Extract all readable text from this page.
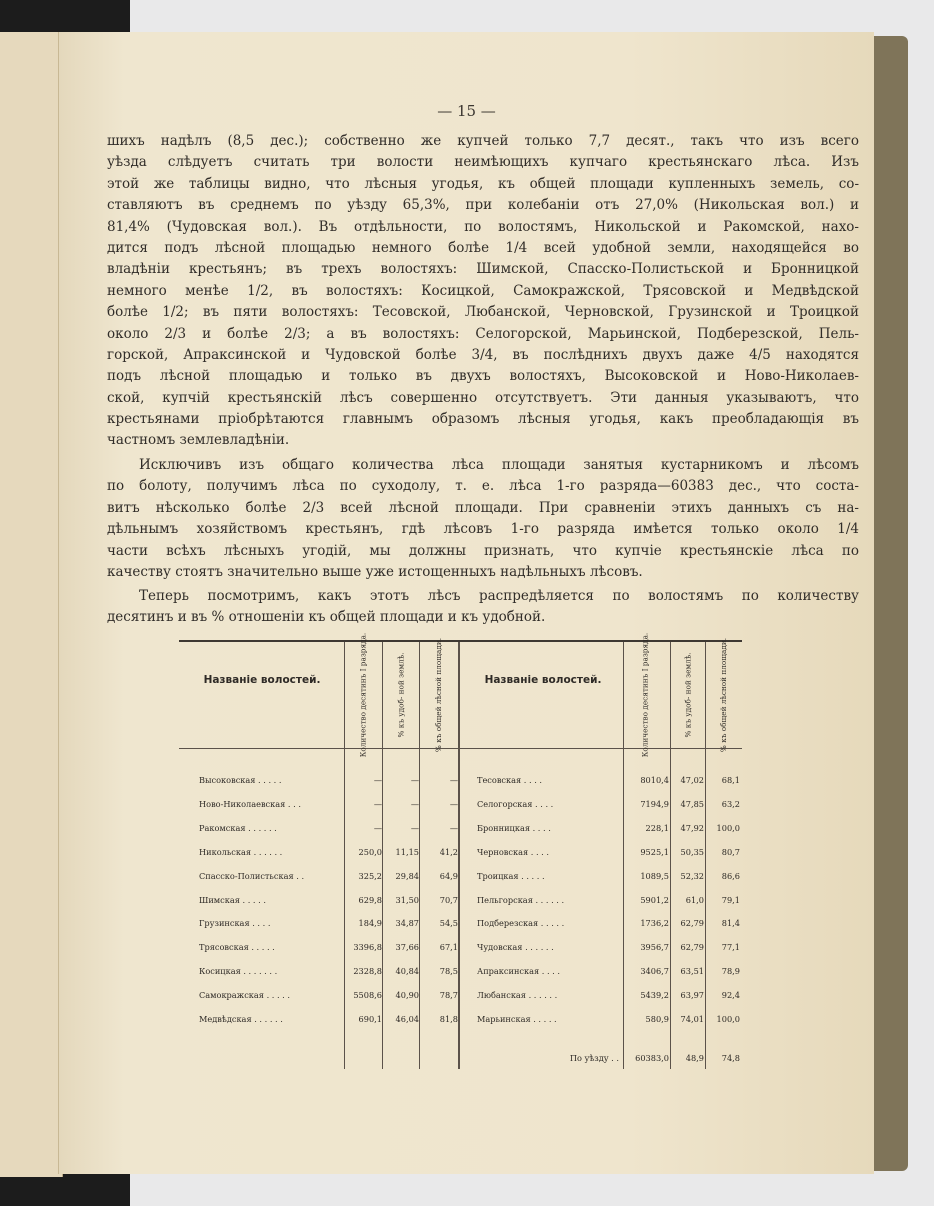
— 15 —
шихъ надѣлъ (8,5 дес.); собственно же купчей только 7,7 десят., такъ что изъ всего
уѣзда слѣдуетъ считать три волости неимѣющихъ купчаго крестьянскаго лѣса. Изъ
этой же таблицы видно, что лѣсныя угодья, къ общей площади купленныхъ земель, со-
ставляютъ въ среднемъ по уѣзду 65,3%, при колебаніи отъ 27,0% (Никольская вол.) и
81,4% (Чудовская вол.). Въ отдѣльности, по волостямъ, Никольской и Ракомской, нахо-
дится подъ лѣсной площадью немного болѣе 1/4 всей удобной земли, находящейся во
владѣніи крестьянъ; въ трехъ волостяхъ: Шимской, Спасско-Полистьской и Бронницкой
немного менѣе 1/2, въ волостяхъ: Косицкой, Самокражской, Трясовской и Медвѣдской
болѣе 1/2; въ пяти волостяхъ: Тесовской, Любанской, Черновской, Грузинской и Троицкой
около 2/3 и болѣе 2/3; а въ волостяхъ: Селогорской, Марьинской, Подберезской, Пель-
горской, Апраксинской и Чудовской болѣе 3/4, въ послѣднихъ двухъ даже 4/5 находятся
подъ лѣсной площадью и только въ двухъ волостяхъ, Высоковской и Ново-Николаев-
ской, купчій крестьянскій лѣсъ совершенно отсутствуетъ. Эти данныя указываютъ, что
крестьянами пріобрѣтаются главнымъ образомъ лѣсныя угодья, какъ преобладающія въ
частномъ землевладѣніи.
Исключивъ изъ общаго количества лѣса площади занятыя кустарникомъ и лѣсомъ
по болоту, получимъ лѣса по суходолу, т. е. лѣса 1-го разряда—60383 дес., что соста-
витъ нѣсколько болѣе 2/3 всей лѣсной площади. При сравненіи этихъ данныхъ съ на-
дѣльнымъ хозяйствомъ крестьянъ, гдѣ лѣсовъ 1-го разряда имѣется только около 1/4
части всѣхъ лѣсныхъ угодій, мы должны признать, что купчіе крестьянскіе лѣса по
качеству стоятъ значительно выше уже истощенныхъ надѣльныхъ лѣсовъ.
Теперь посмотримъ, какъ этотъ лѣсъ распредѣляется по волостямъ по количеству
десятинъ и въ % отношеніи къ общей площади и къ удобной.
Названіе волостей.	Количество десятинъ I разряда.	% къ удоб- ной землѣ.	% къ общей лѣсной площади.	Названіе волостей.	Количество десятинъ I разряда.	% къ удоб- ной землѣ.	% къ общей лѣсной площади.
Высоковская . . . . .	—	—	— Тесовская . . . .	8010,4	47,02	68,1
Ново-Николаевская . . .	—	—	— Селогорская . . . .	7194,9	47,85	63,2
Ракомская . . . . . .	—	—	— Бронницкая . . . .	228,1	47,92	100,0
Никольская . . . . . .	250,0	11,15	41,2 Черновская . . . .	9525,1	50,35	80,7
Спасско-Полистьская . .	325,2	29,84	64,9 Троицкая . . . . .	1089,5	52,32	86,6
Шимская . . . . .	629,8	31,50	70,7 Пельгорская . . . . . .	5901,2	61,0	79,1
Грузинская . . . .	184,9	34,87	54,5 Подберезская . . . . .	1736,2	62,79	81,4
Трясовская . . . . .	3396,8	37,66	67,1 Чудовская . . . . . .	3956,7	62,79	77,1
Косицкая . . . . . . .	2328,8	40,84	78,5 Апраксинская . . . .	3406,7	63,51	78,9
Самокражская . . . . .	5508,6	40,90	78,7 Любанская . . . . . .	5439,2	63,97	92,4
Медвѣдская . . . . . .	690,1	46,04	81,8 Марьинская . . . . .	580,9	74,01	100,0
По уѣзду . .	60383,0	48,9	74,8
